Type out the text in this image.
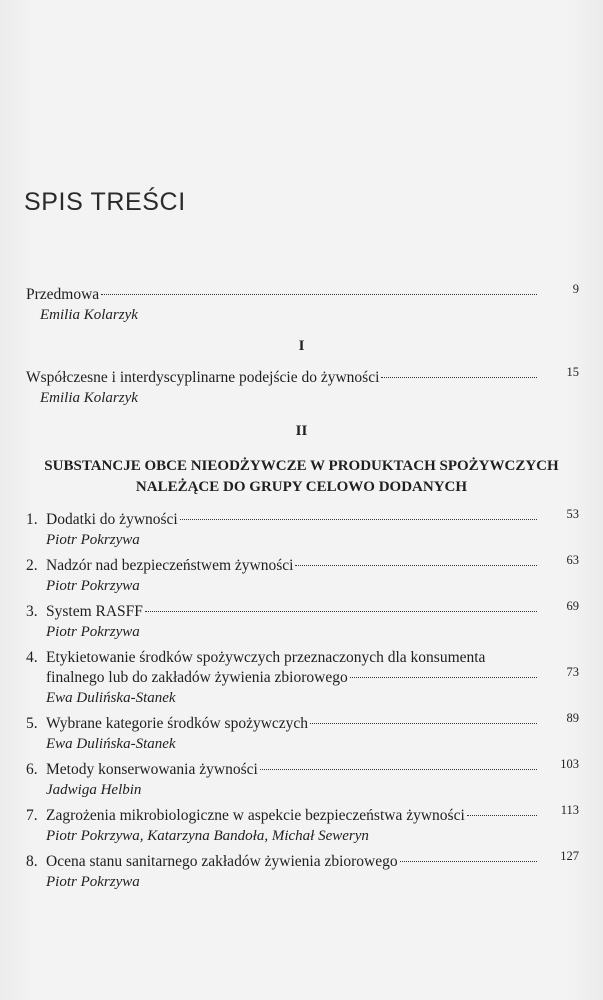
SPIS TREŚCI
Przedmowa	9
Emilia Kolarzyk
I
Współczesne i interdyscyplinarne podejście do żywności	15
Emilia Kolarzyk
II
SUBSTANCJE OBCE NIEODŻYWCZE W PRODUKTACH SPOŻYWCZYCH
NALEŻĄCE DO GRUPY CELOWO DODANYCH
1. Dodatki do żywności	53
Piotr Pokrzywa
2. Nadzór nad bezpieczeństwem żywności	63
Piotr Pokrzywa
3. System RASFF	69
Piotr Pokrzywa
4. Etykietowanie środków spożywczych przeznaczonych dla konsumenta
finalnego lub do zakładów żywienia zbiorowego	73
Ewa Dulińska-Stanek
5. Wybrane kategorie środków spożywczych	89
Ewa Dulińska-Stanek
6. Metody konserwowania żywności	103
Jadwiga Helbin
7. Zagrożenia mikrobiologiczne w aspekcie bezpieczeństwa żywności	113
Piotr Pokrzywa, Katarzyna Bandoła, Michał Seweryn
8. Ocena stanu sanitarnego zakładów żywienia zbiorowego	127
Piotr Pokrzywa
